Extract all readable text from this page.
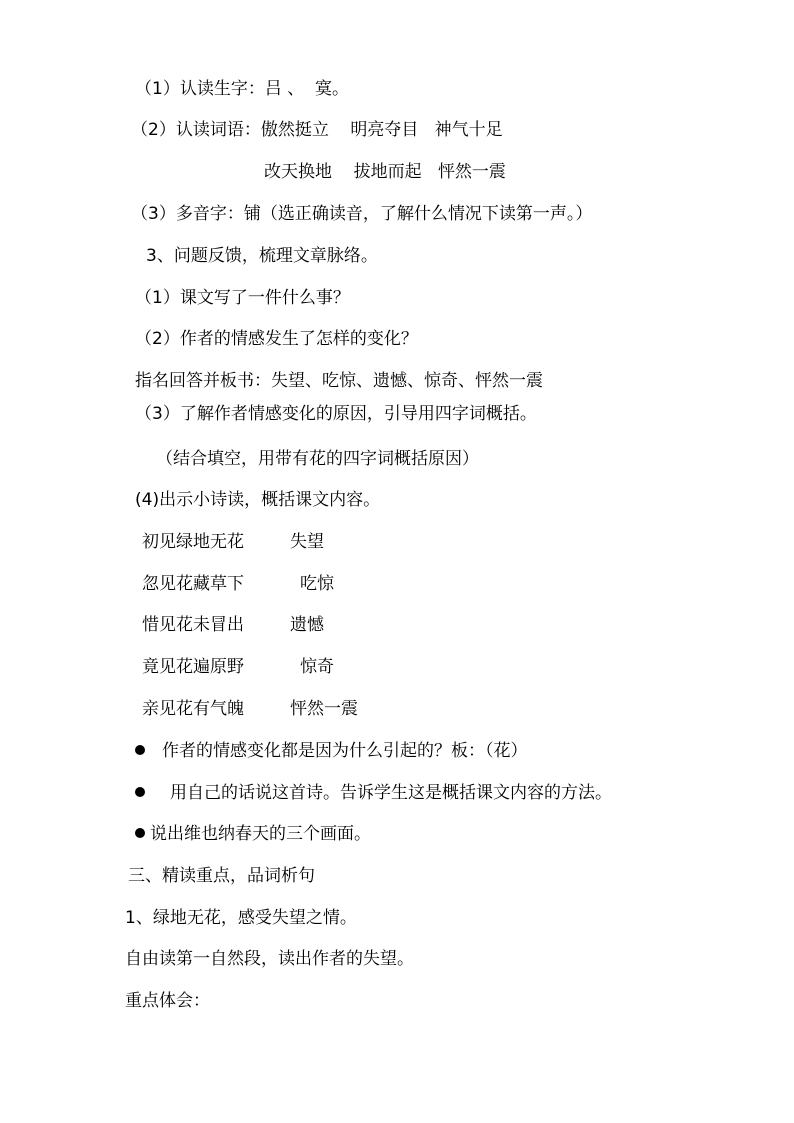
（1）认读生字：吕 、  寞。
（2）认读词语：傲然挺立    明亮夺目   神气十足
改天换地    拔地而起   怦然一震
（3）多音字：铺（选正确读音，了解什么情况下读第一声。）
3、问题反馈，梳理文章脉络。
（1）课文写了一件什么事？
（2）作者的情感发生了怎样的变化？
指名回答并板书：失望、吃惊、遗憾、惊奇、怦然一震
（3）了解作者情感变化的原因，引导用四字词概括。
（结合填空，用带有花的四字词概括原因）
(4)出示小诗读，概括课文内容。
初见绿地无花	失望
忽见花藏草下	吃惊
惜见花未冒出	遗憾
竟见花遍原野	惊奇
亲见花有气魄	怦然一震
作者的情感变化都是因为什么引起的？板：（花）
用自己的话说这首诗。告诉学生这是概括课文内容的方法。
说出维也纳春天的三个画面。
三、精读重点，品词析句
1、绿地无花，感受失望之情。
自由读第一自然段，读出作者的失望。
重点体会：
